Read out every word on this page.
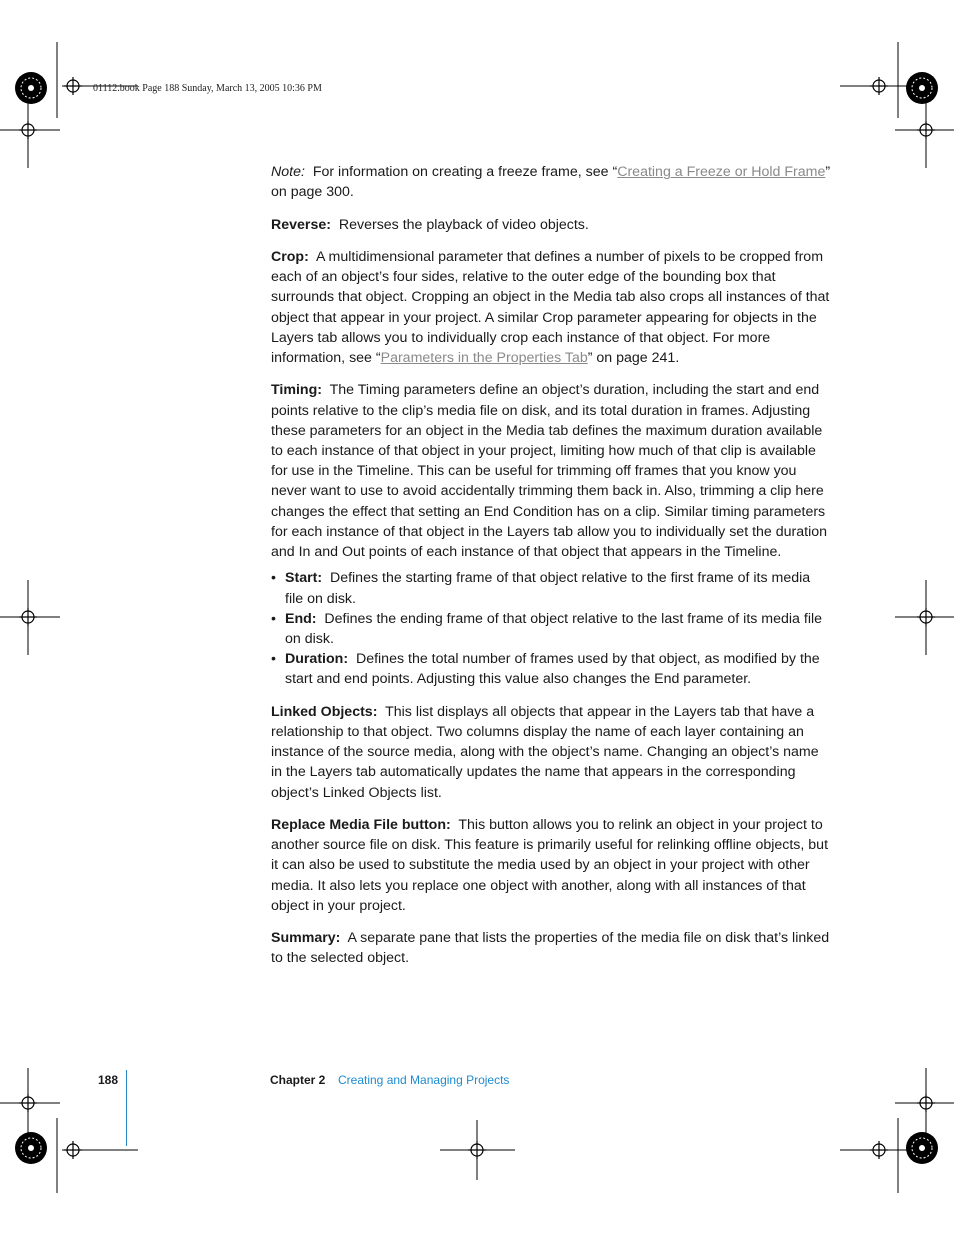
01112.book Page 188 Sunday, March 13, 2005 10:36 PM

Note: For information on creating a freeze frame, see “Creating a Freeze or Hold Frame” on page 300.

Reverse: Reverses the playback of video objects.

Crop: A multidimensional parameter that defines a number of pixels to be cropped from each of an object’s four sides, relative to the outer edge of the bounding box that surrounds that object. Cropping an object in the Media tab also crops all instances of that object that appear in your project. A similar Crop parameter appearing for objects in the Layers tab allows you to individually crop each instance of that object. For more information, see “Parameters in the Properties Tab” on page 241.

Timing: The Timing parameters define an object’s duration, including the start and end points relative to the clip’s media file on disk, and its total duration in frames. Adjusting these parameters for an object in the Media tab defines the maximum duration available to each instance of that object in your project, limiting how much of that clip is available for use in the Timeline. This can be useful for trimming off frames that you know you never want to use to avoid accidentally trimming them back in. Also, trimming a clip here changes the effect that setting an End Condition has on a clip. Similar timing parameters for each instance of that object in the Layers tab allow you to individually set the duration and In and Out points of each instance of that object that appears in the Timeline.

• Start: Defines the starting frame of that object relative to the first frame of its media file on disk.
• End: Defines the ending frame of that object relative to the last frame of its media file on disk.
• Duration: Defines the total number of frames used by that object, as modified by the start and end points. Adjusting this value also changes the End parameter.

Linked Objects: This list displays all objects that appear in the Layers tab that have a relationship to that object. Two columns display the name of each layer containing an instance of the source media, along with the object’s name. Changing an object’s name in the Layers tab automatically updates the name that appears in the corresponding object’s Linked Objects list.

Replace Media File button: This button allows you to relink an object in your project to another source file on disk. This feature is primarily useful for relinking offline objects, but it can also be used to substitute the media used by an object in your project with other media. It also lets you replace one object with another, along with all instances of that object in your project.

Summary: A separate pane that lists the properties of the media file on disk that’s linked to the selected object.

188	Chapter 2 Creating and Managing Projects
